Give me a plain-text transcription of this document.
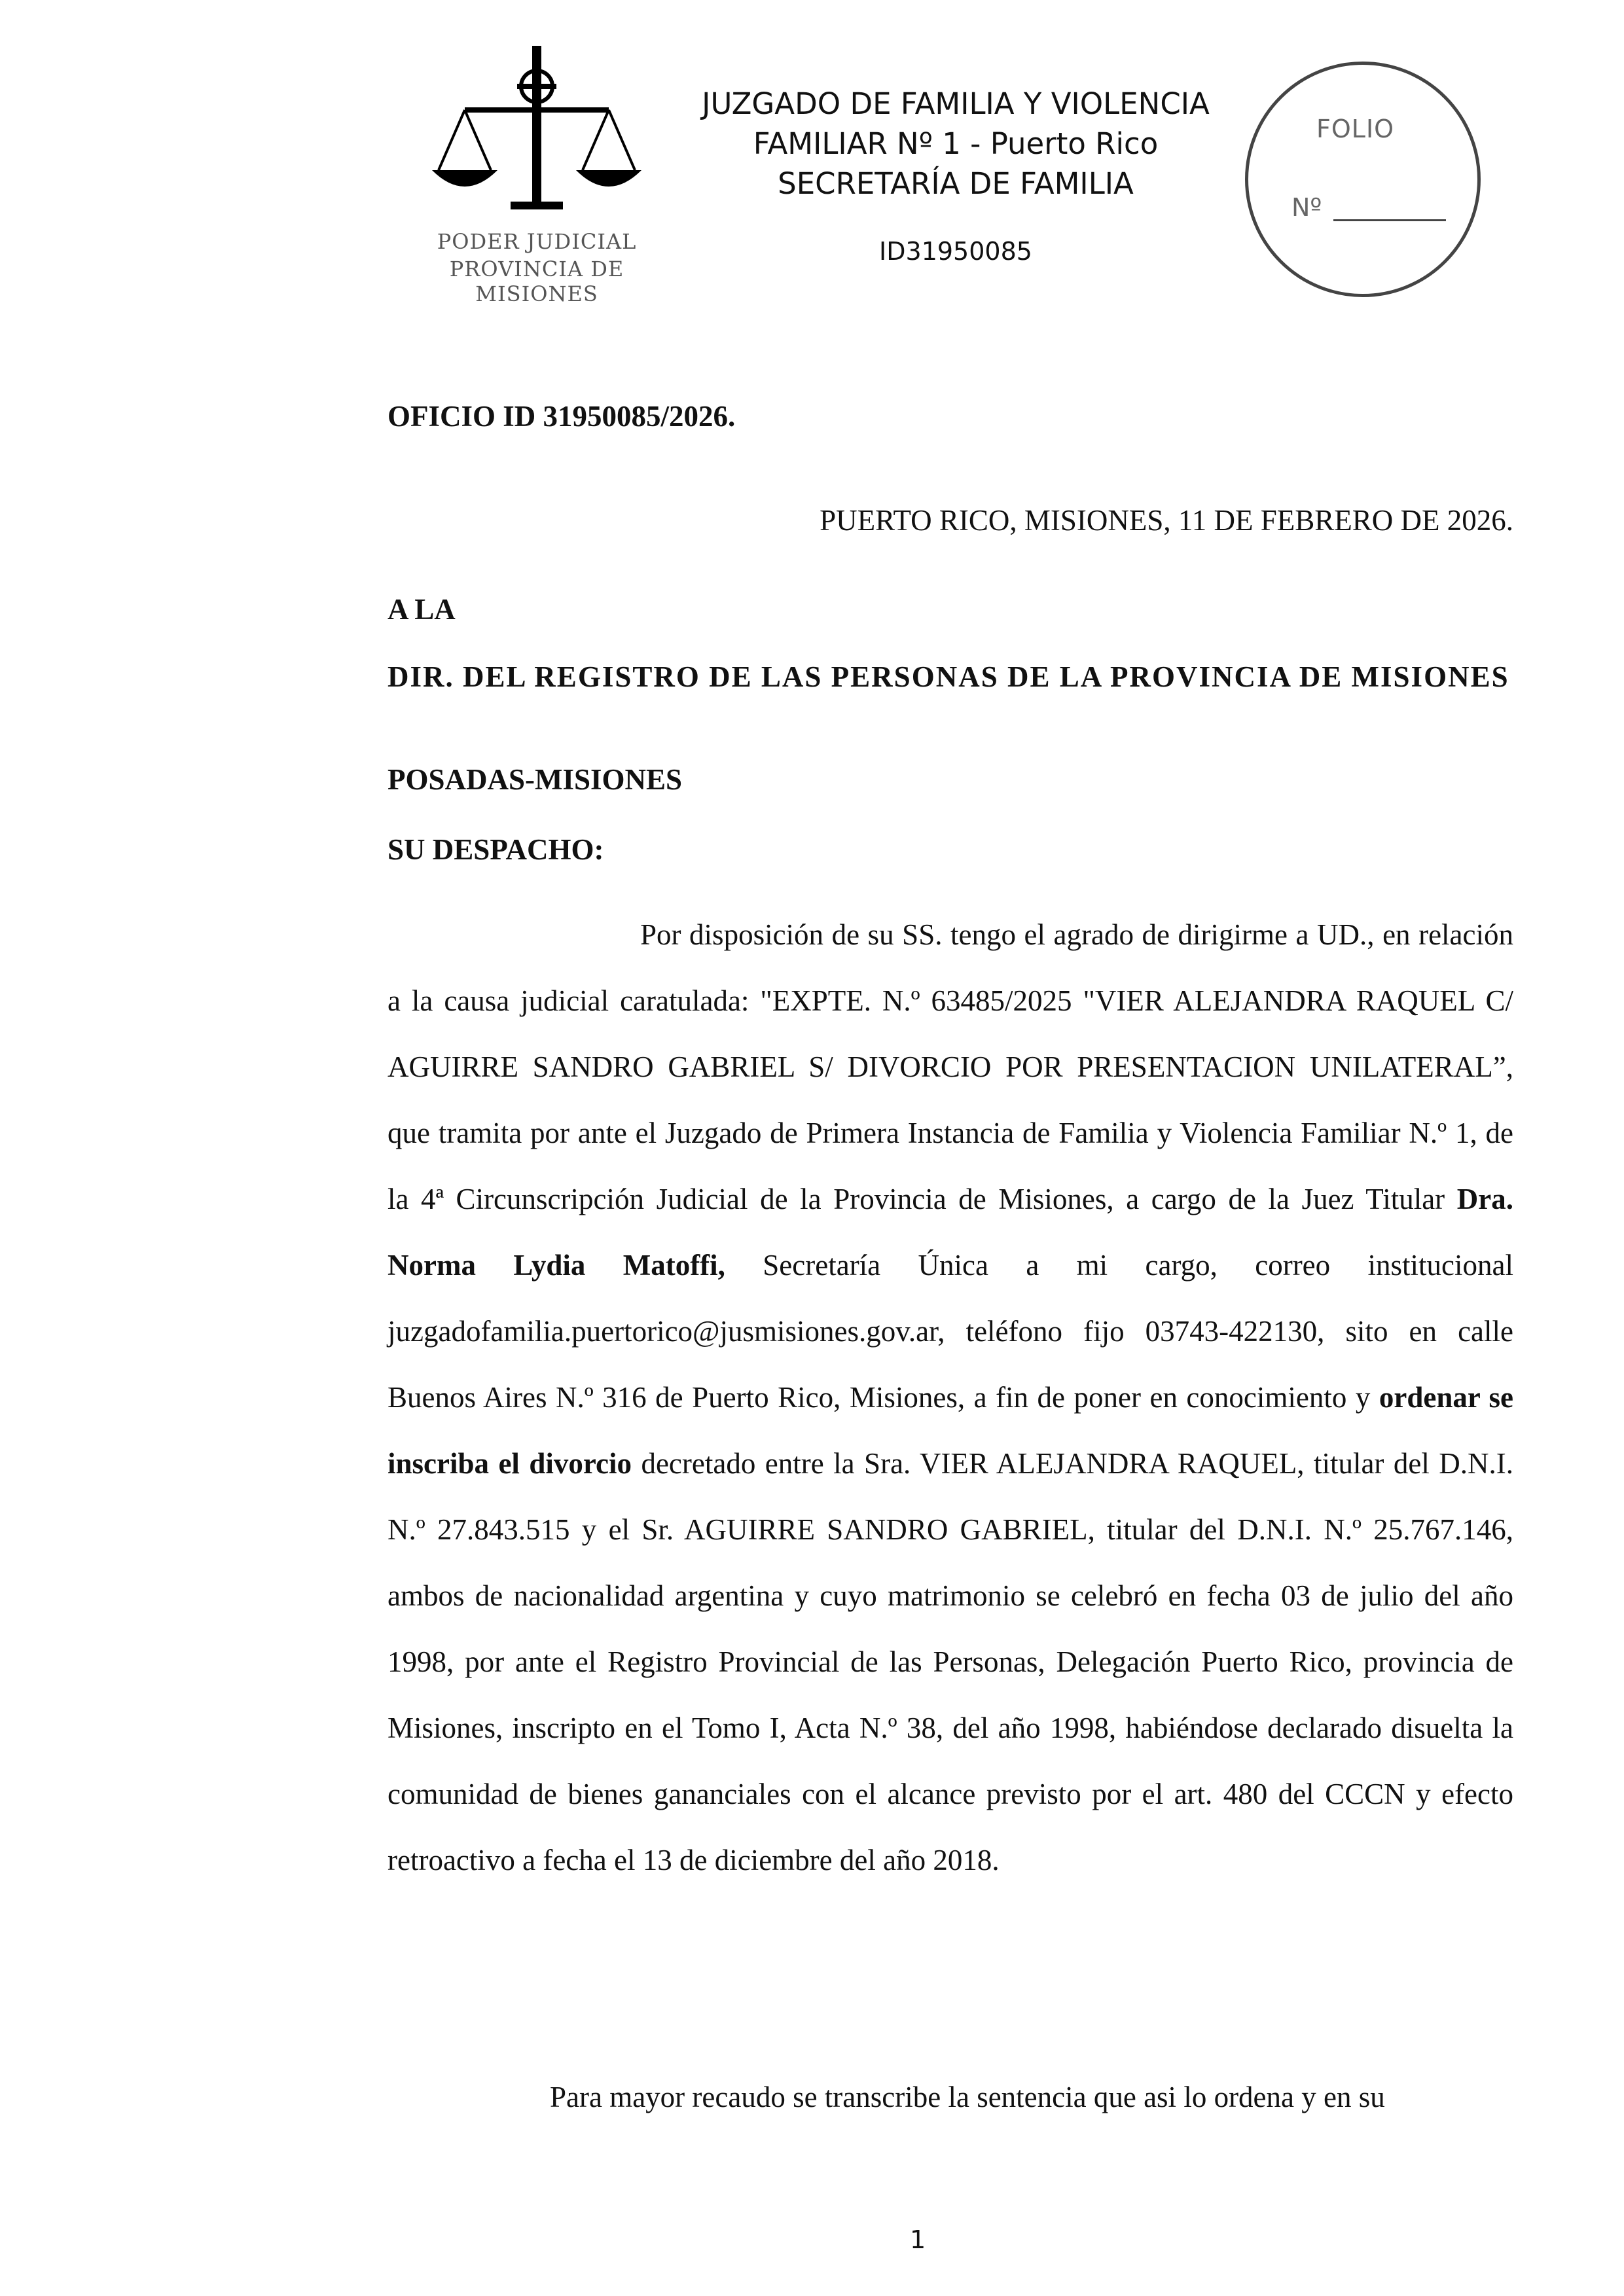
PODER JUDICIAL
PROVINCIA DE MISIONES
JUZGADO DE FAMILIA Y VIOLENCIA
FAMILIAR Nº 1 - Puerto Rico
SECRETARÍA DE FAMILIA
ID31950085
FOLIO
Nº
OFICIO ID 31950085/2026.
PUERTO RICO, MISIONES, 11 DE FEBRERO DE 2026.
A LA
DIR. DEL REGISTRO DE LAS PERSONAS DE LA PROVINCIA DE MISIONES
POSADAS-MISIONES
SU DESPACHO:
Por disposición de su SS. tengo el agrado de dirigirme a UD., en relación a la causa judicial caratulada: "EXPTE. N.º 63485/2025 "VIER ALEJANDRA RAQUEL C/ AGUIRRE SANDRO GABRIEL S/ DIVORCIO POR PRESENTACION UNILATERAL”, que tramita por ante el Juzgado de Primera Instancia de Familia y Violencia Familiar N.º 1, de la 4ª Circunscripción Judicial de la Provincia de Misiones, a cargo de la Juez Titular Dra. Norma Lydia Matoffi, Secretaría Única a mi cargo, correo institucional juzgadofamilia.puertorico@jusmisiones.gov.ar, teléfono fijo 03743-422130, sito en calle Buenos Aires N.º 316 de Puerto Rico, Misiones, a fin de poner en conocimiento y ordenar se inscriba el divorcio decretado entre la Sra. VIER ALEJANDRA RAQUEL, titular del D.N.I. N.º 27.843.515 y el Sr. AGUIRRE SANDRO GABRIEL, titular del D.N.I. N.º 25.767.146, ambos de nacionalidad argentina y cuyo matrimonio se celebró en fecha 03 de julio del año 1998, por ante el Registro Provincial de las Personas, Delegación Puerto Rico, provincia de Misiones, inscripto en el Tomo I, Acta N.º 38, del año 1998, habiéndose declarado disuelta la comunidad de bienes gananciales con el alcance previsto por el art. 480 del CCCN y efecto retroactivo a fecha el 13 de diciembre del año 2018.
Para mayor recaudo se transcribe la sentencia que asi lo ordena y en su
1
